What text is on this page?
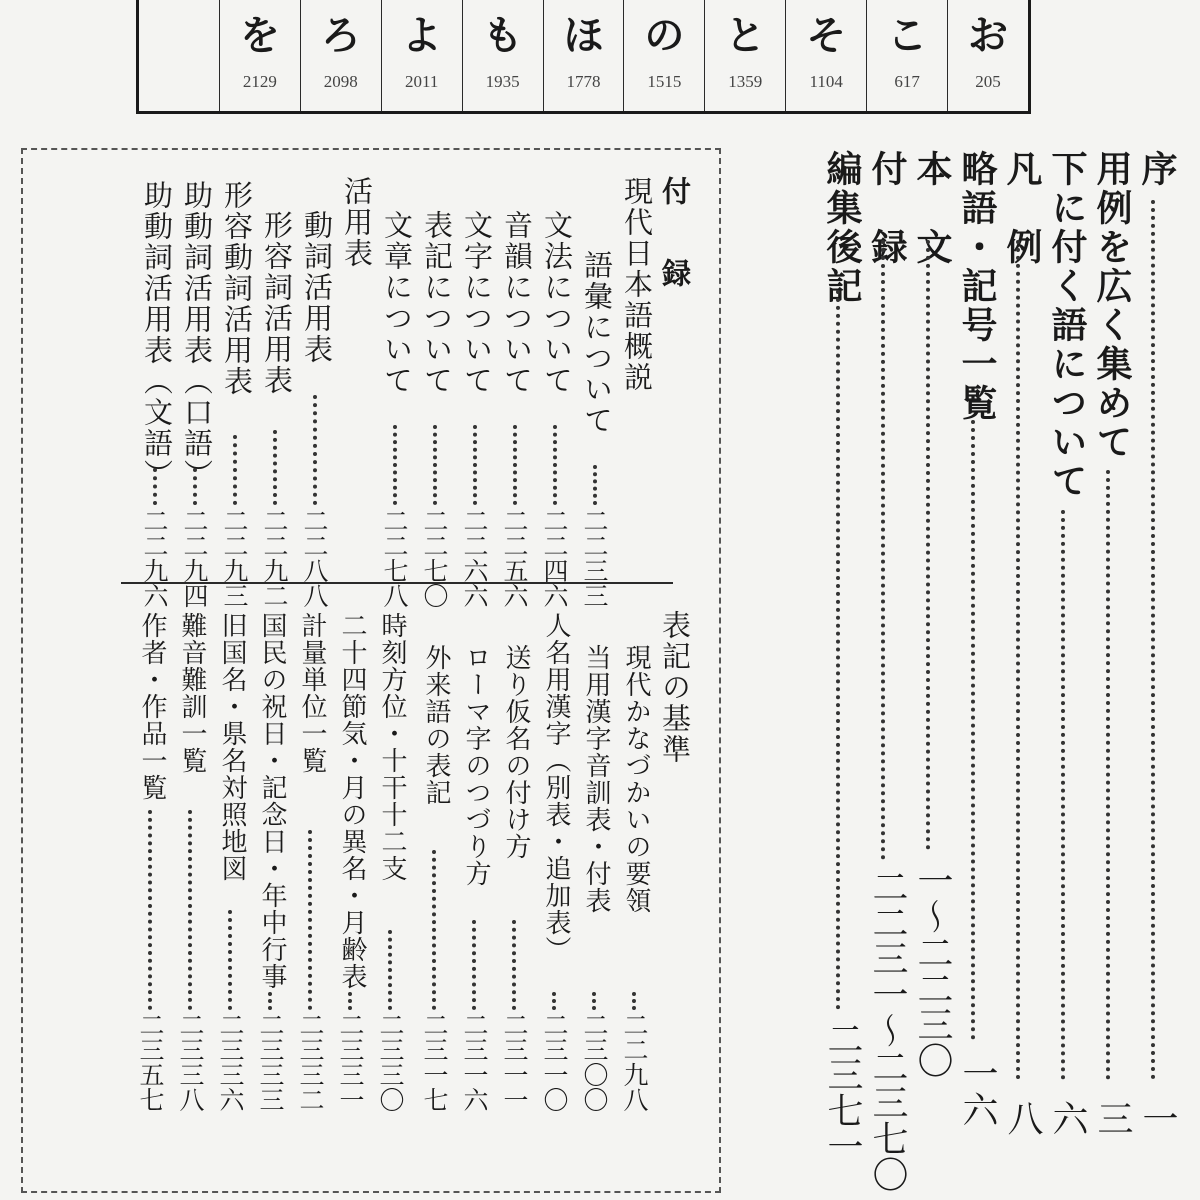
を
2129
ろ
2098
よ
2011
も
1935
ほ
1778
の
1515
と
1359
そ
1104
こ
617
お
205
序
一
用例を広く集めて
三
下に付く語について
六
凡　例
八
略語・記号一覧
一六
本　文
一〜二二三〇
付　録
二二三一〜二三七〇
編集後記
二三七一
付　録
現代日本語概説
語彙について
二二三三
文法について
二二四六
音韻について
二二五六
文字について
二二六六
表記について
二二七〇
文章について
二二七八
活用表
動詞活用表
二二八八
形容詞活用表
二二九二
形容動詞活用表
二二九三
助動詞活用表（口語）
二二九四
助動詞活用表（文語）
二二九六
表記の基準
現代かなづかいの要領
二二九八
当用漢字音訓表・付表
二三〇〇
人名用漢字（別表・追加表）
二三一〇
送り仮名の付け方
二三一一
ローマ字のつづり方
二三一六
外来語の表記
二三一七
時刻方位・十干十二支
二三三〇
二十四節気・月の異名・月齢表
二三三一
計量単位一覧
二三三二
国民の祝日・記念日・年中行事
二三三三
旧国名・県名対照地図
二三三六
難音難訓一覧
二三三八
作者・作品一覧
二三五七
